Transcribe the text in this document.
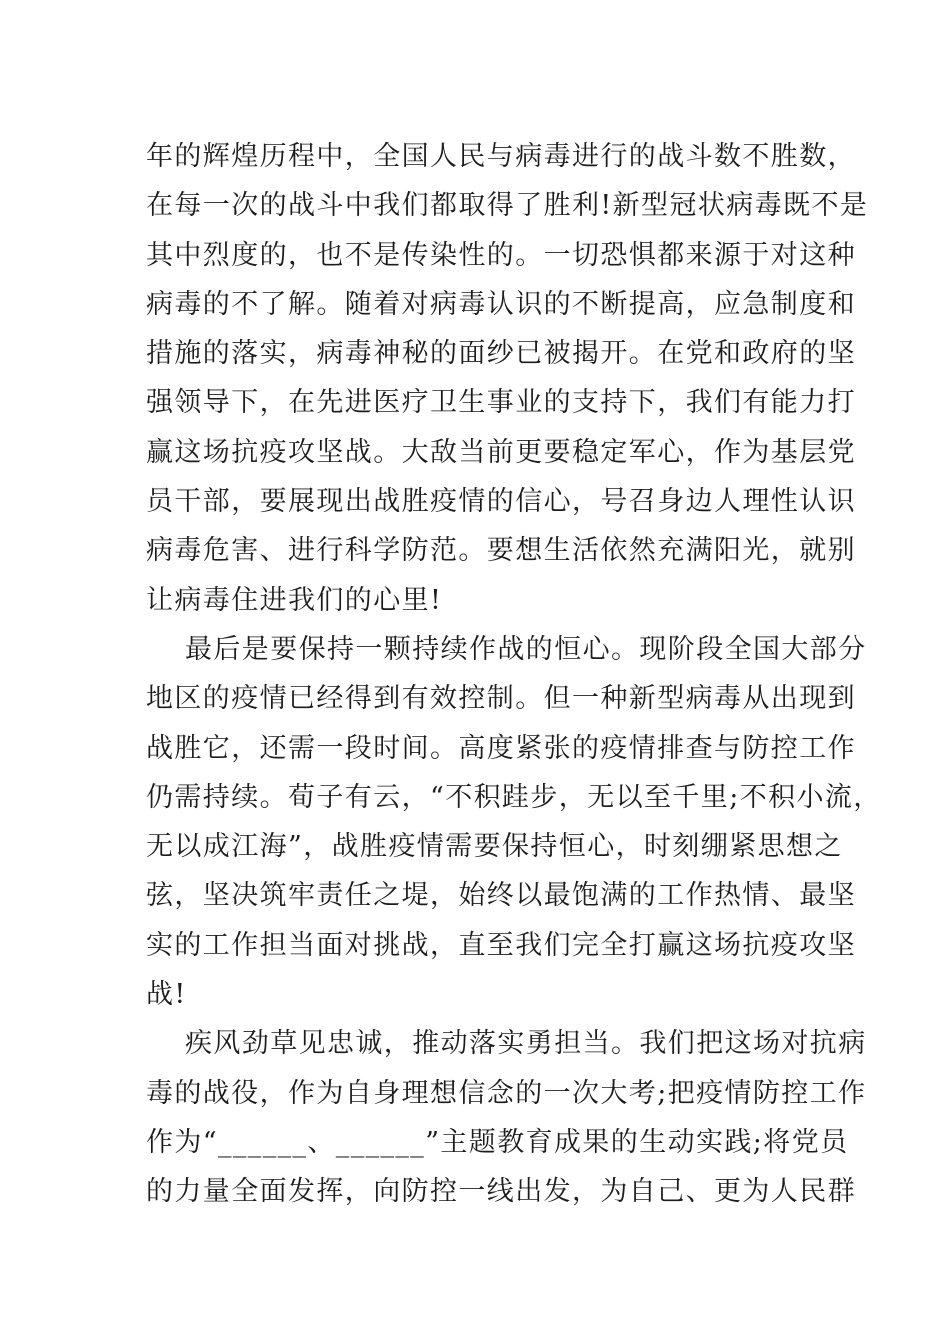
年的辉煌历程中，全国人民与病毒进行的战斗数不胜数，
在每一次的战斗中我们都取得了胜利!新型冠状病毒既不是
其中烈度的，也不是传染性的。一切恐惧都来源于对这种
病毒的不了解。随着对病毒认识的不断提高，应急制度和
措施的落实，病毒神秘的面纱已被揭开。在党和政府的坚
强领导下，在先进医疗卫生事业的支持下，我们有能力打
赢这场抗疫攻坚战。大敌当前更要稳定军心，作为基层党
员干部，要展现出战胜疫情的信心，号召身边人理性认识
病毒危害、进行科学防范。要想生活依然充满阳光，就别
让病毒住进我们的心里!
最后是要保持一颗持续作战的恒心。现阶段全国大部分
地区的疫情已经得到有效控制。但一种新型病毒从出现到
战胜它，还需一段时间。高度紧张的疫情排查与防控工作
仍需持续。荀子有云，“不积跬步，无以至千里;不积小流，
无以成江海”，战胜疫情需要保持恒心，时刻绷紧思想之
弦，坚决筑牢责任之堤，始终以最饱满的工作热情、最坚
实的工作担当面对挑战，直至我们完全打赢这场抗疫攻坚
战!
疾风劲草见忠诚，推动落实勇担当。我们把这场对抗病
毒的战役，作为自身理想信念的一次大考;把疫情防控工作
作为“______、______”主题教育成果的生动实践;将党员
的力量全面发挥，向防控一线出发，为自己、更为人民群
